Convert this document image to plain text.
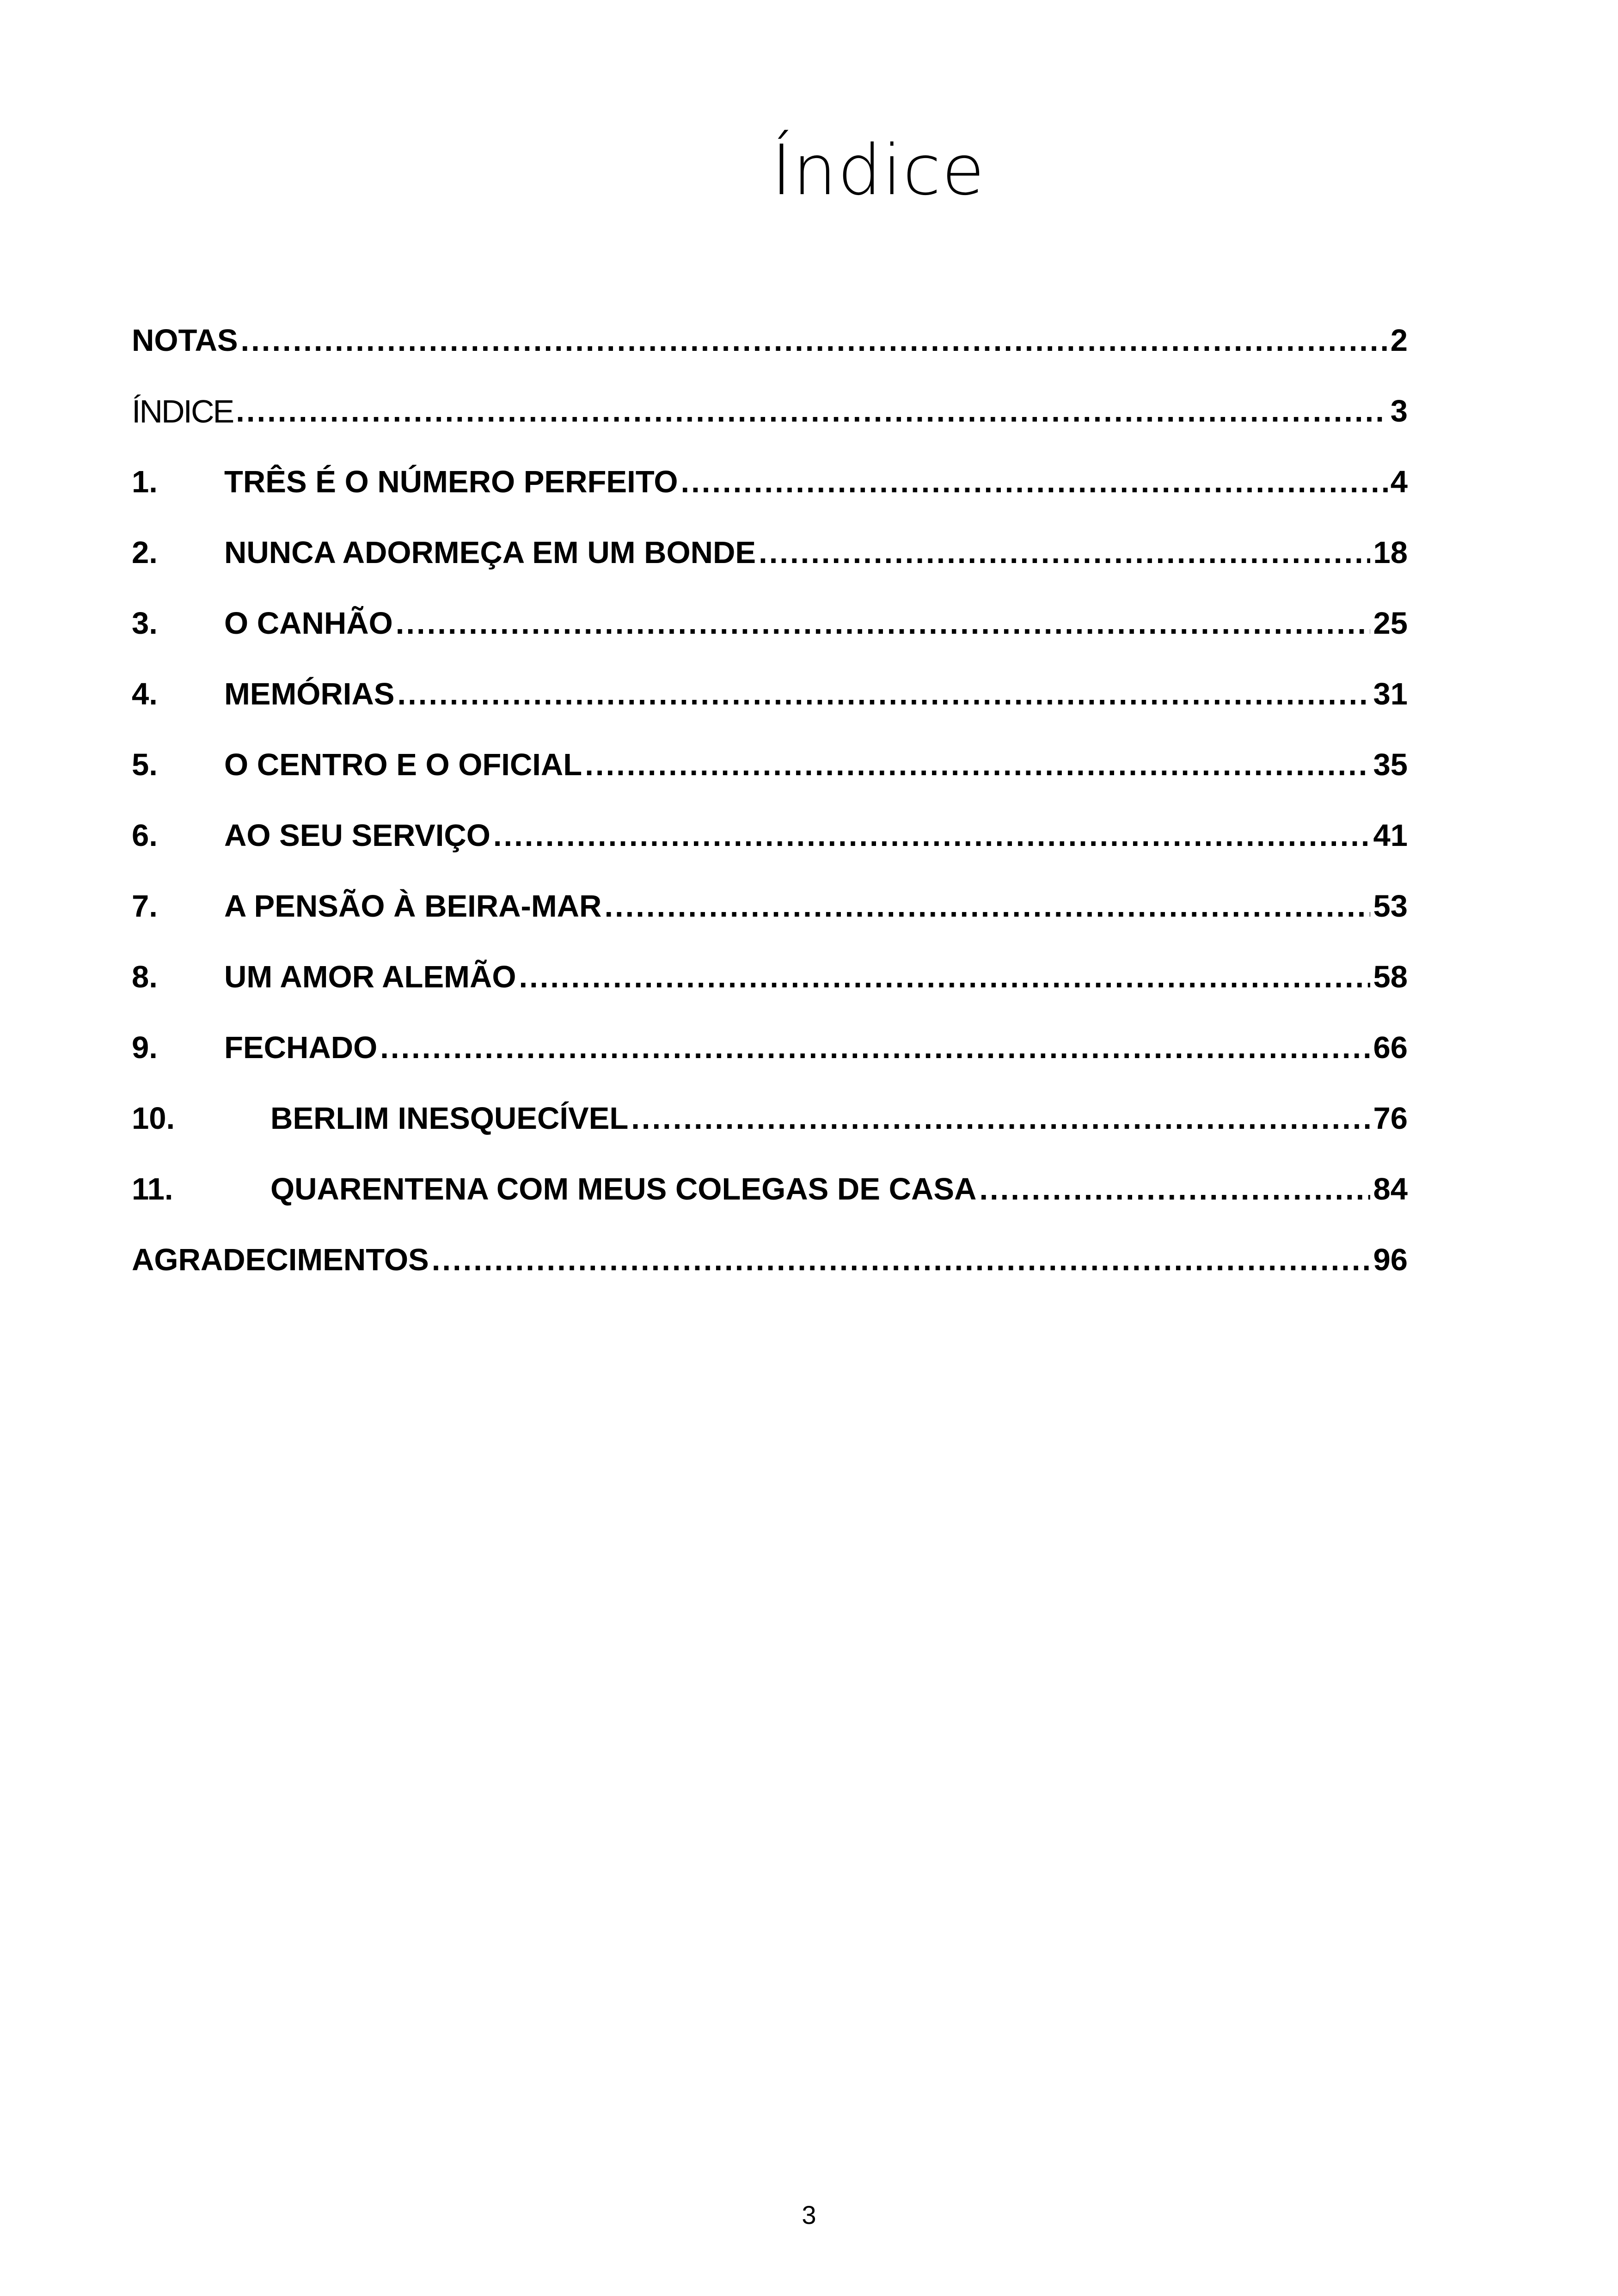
Índice
NOTAS .....	2
ÍNDICE .....	3
1.	TRÊS É O NÚMERO PERFEITO .....	4
2.	NUNCA ADORMEÇA EM UM BONDE .....	18
3.	O CANHÃO .....	25
4.	MEMÓRIAS .....	31
5.	O CENTRO E O OFICIAL .....	35
6.	AO SEU SERVIÇO .....	41
7.	A PENSÃO À BEIRA-MAR .....	53
8.	UM AMOR ALEMÃO .....	58
9.	FECHADO .....	66
10.	BERLIM INESQUECÍVEL .....	76
11.	QUARENTENA COM MEUS COLEGAS DE CASA .....	84
AGRADECIMENTOS .....	96
3
